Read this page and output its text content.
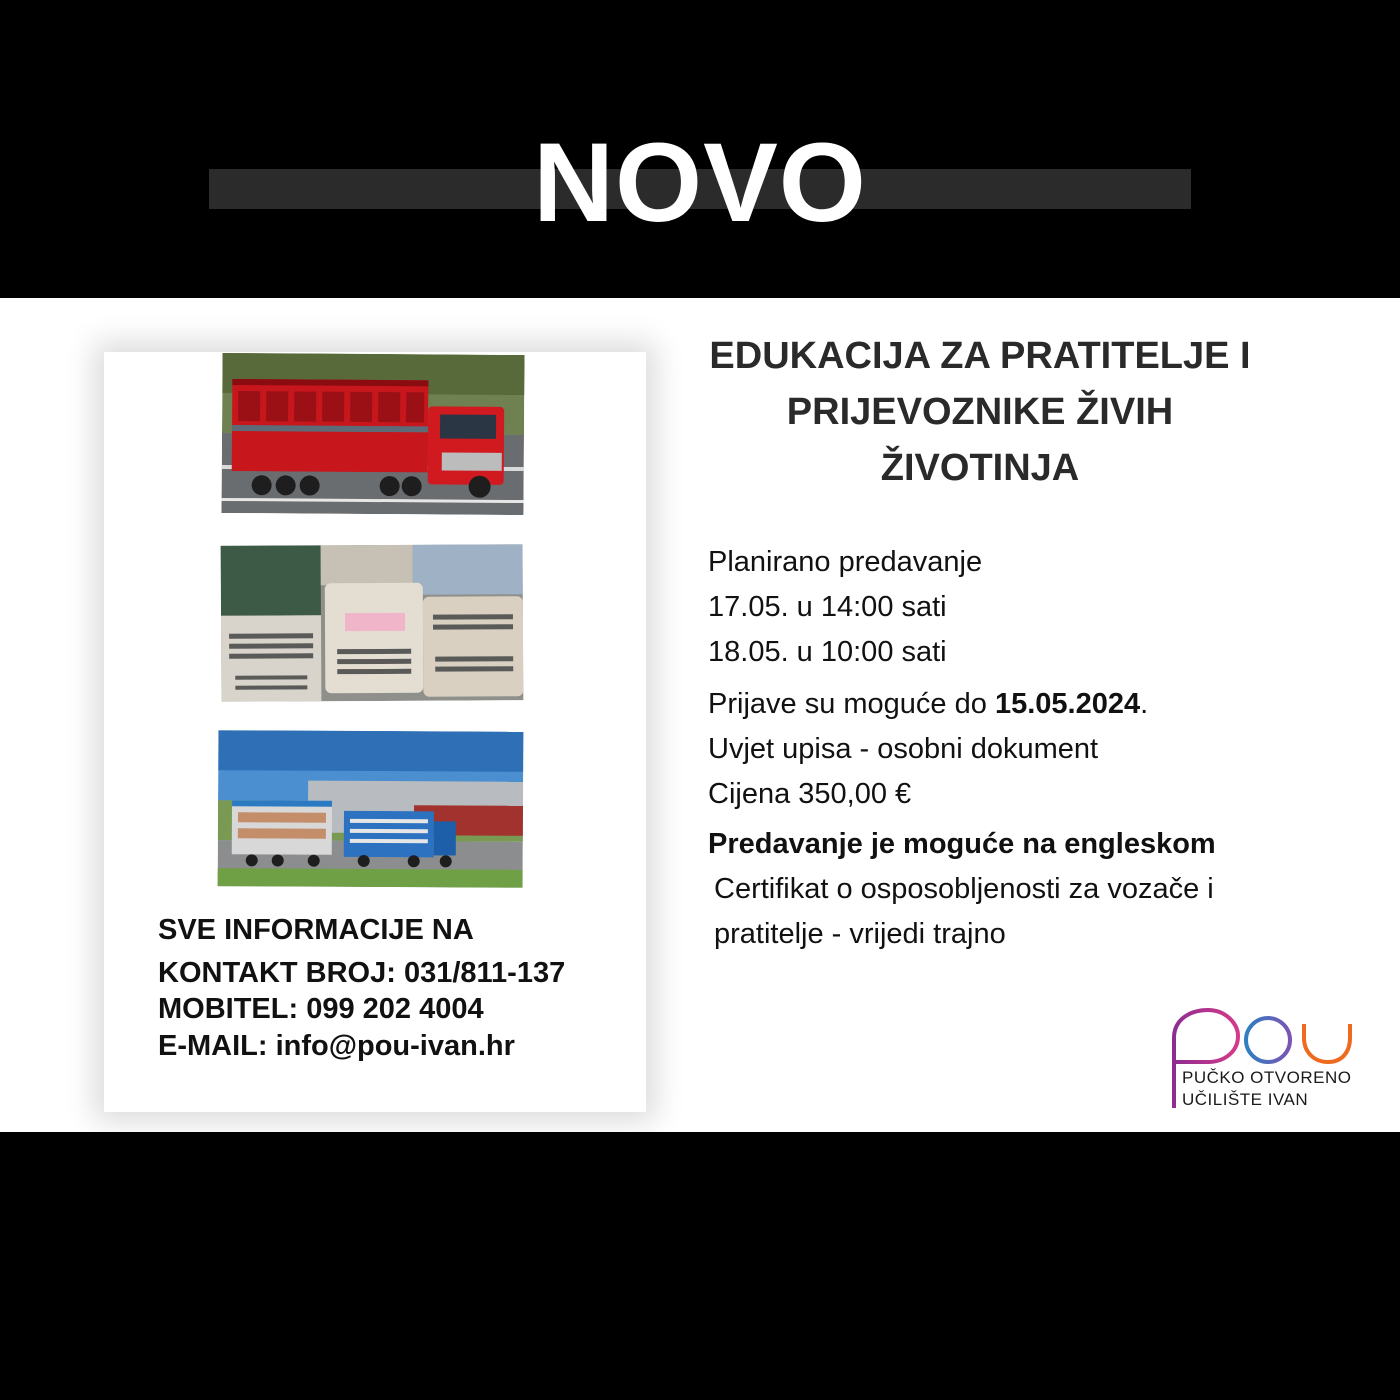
NOVO
SVE INFORMACIJE NA
KONTAKT BROJ: 031/811-137
MOBITEL: 099 202 4004
E-MAIL: info@pou-ivan.hr
EDUKACIJA ZA PRATITELJE I
PRIJEVOZNIKE ŽIVIH
ŽIVOTINJA
Planirano predavanje
17.05. u 14:00 sati
18.05. u 10:00 sati
Prijave su moguće do 15.05.2024.
Uvjet upisa - osobni dokument
Cijena 350,00 €
Predavanje je moguće na engleskom
Certifikat o osposobljenosti za vozače i
pratitelje - vrijedi trajno
PUČKO OTVORENO
UČILIŠTE IVAN
